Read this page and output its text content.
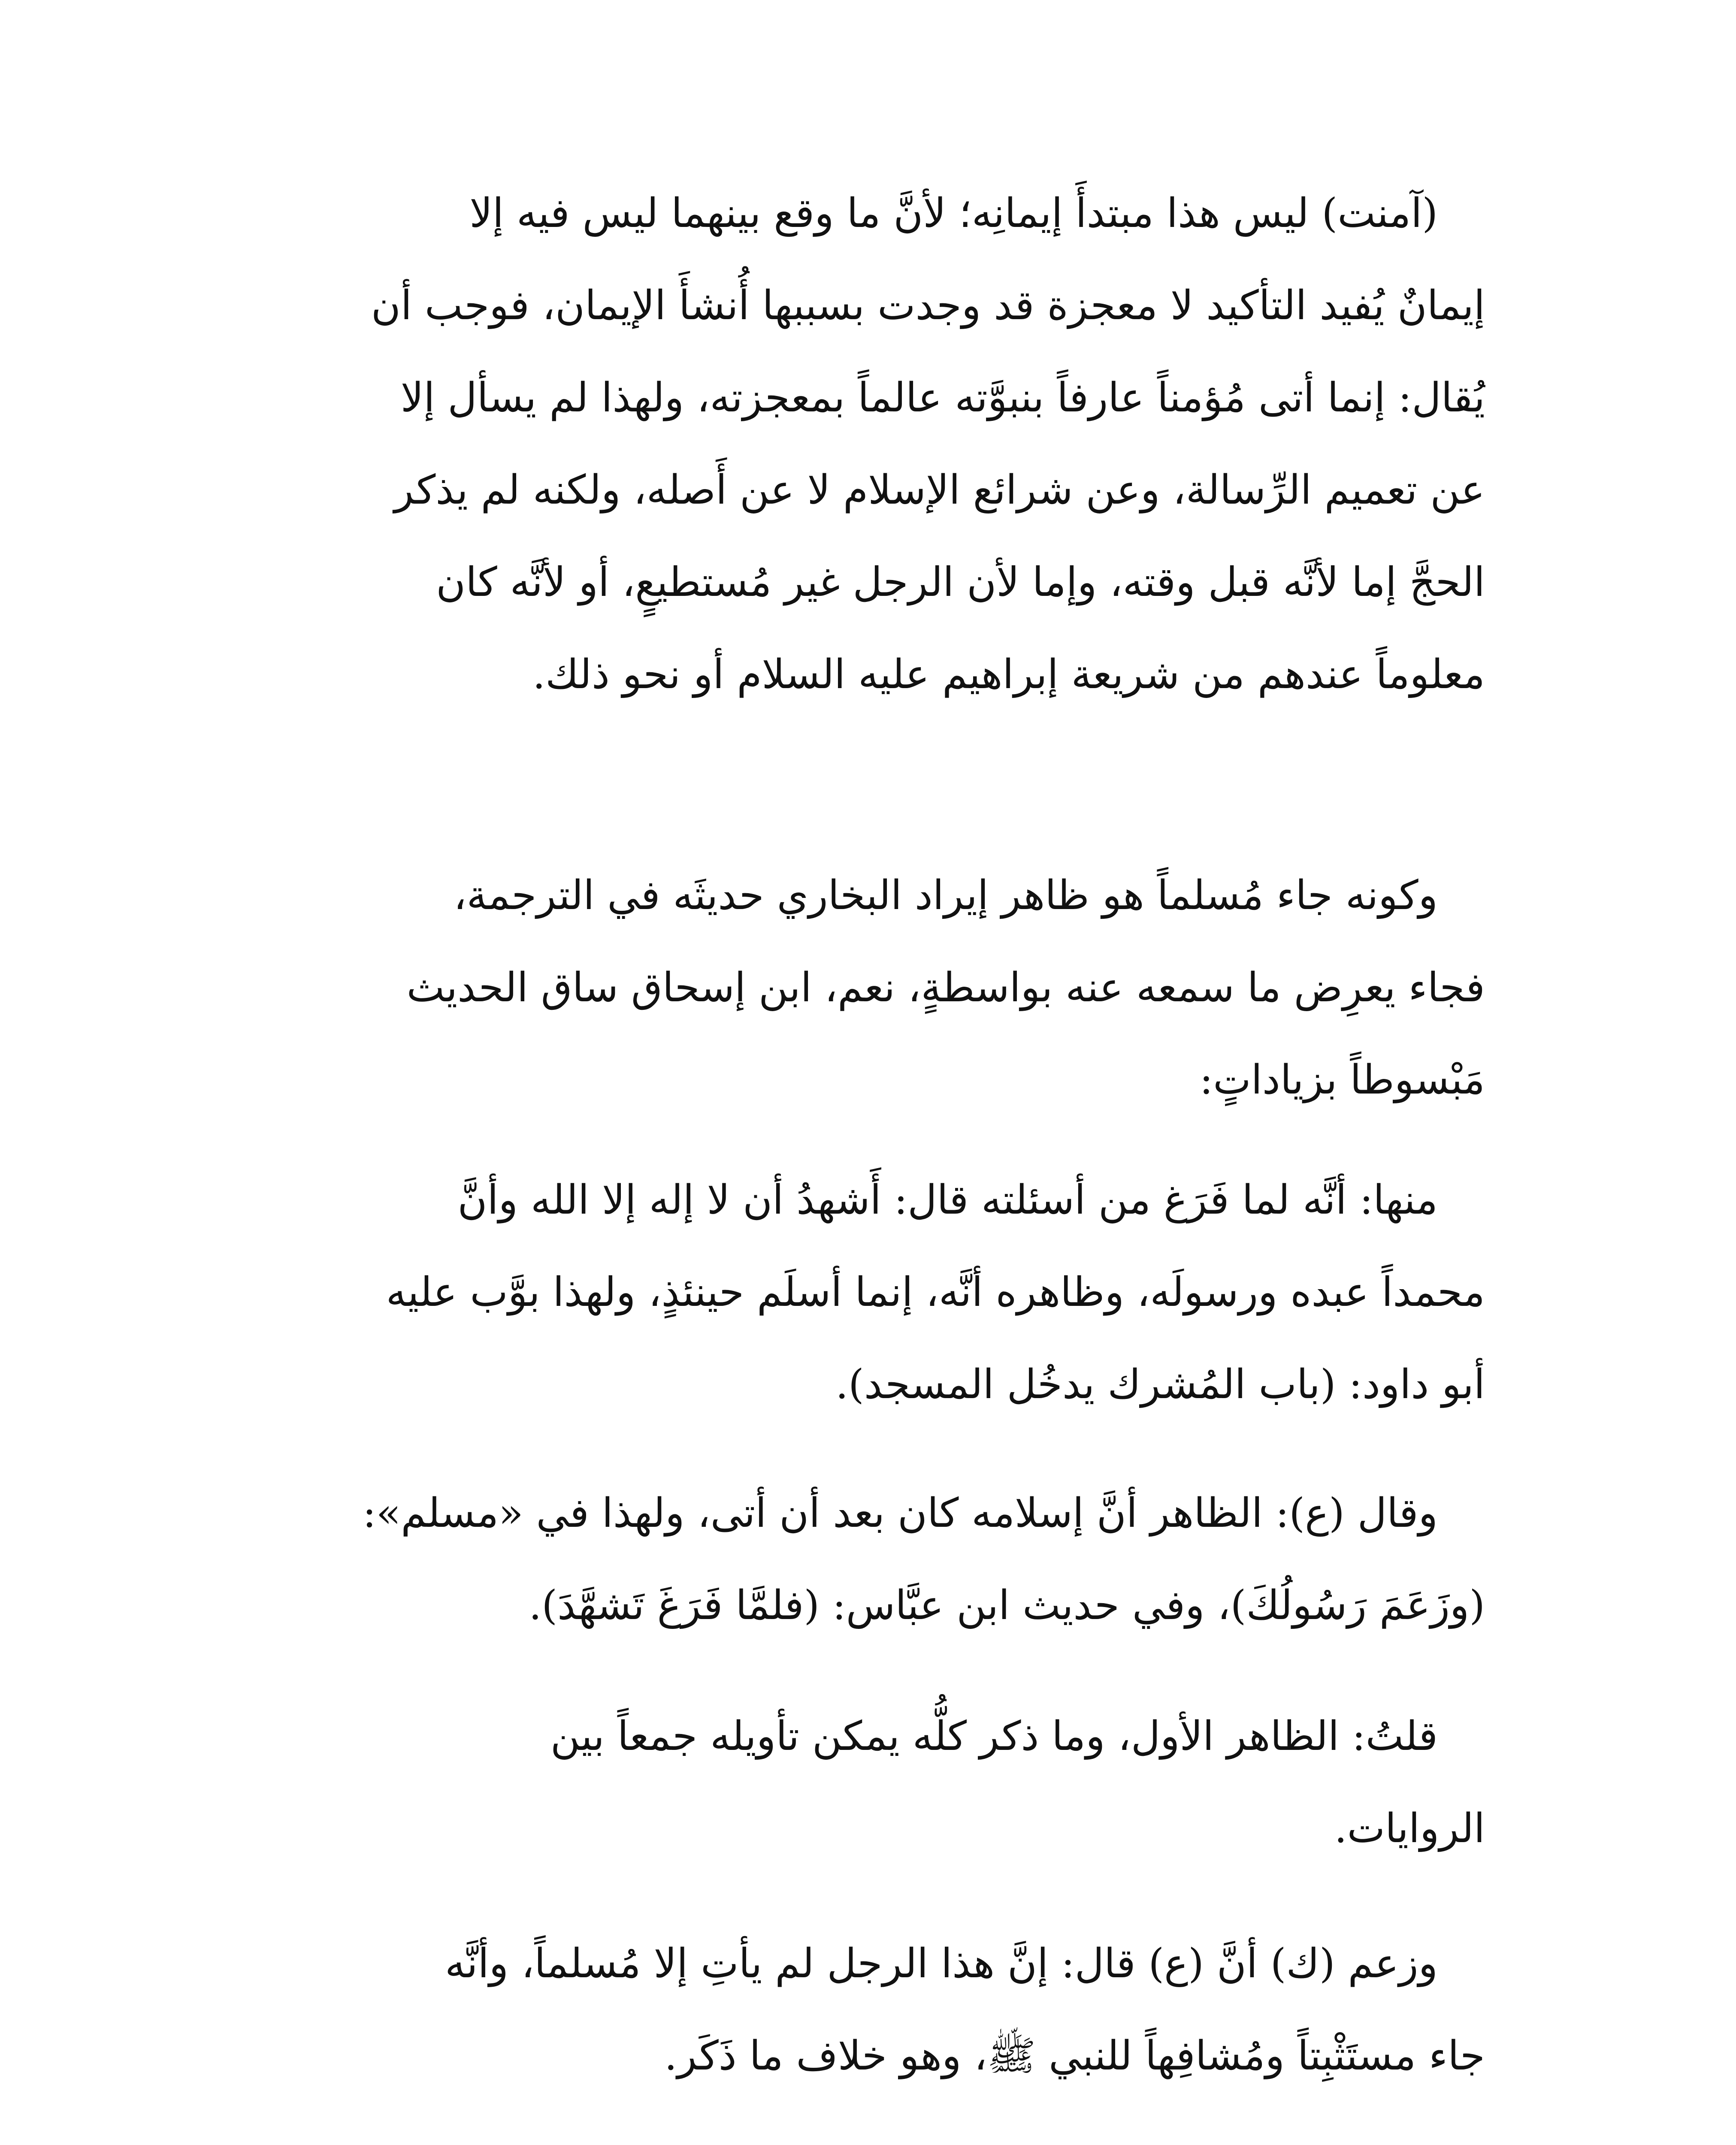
(آمنت) ليس هذا مبتدأَ إيمانِه؛ لأنَّ ما وقع بينهما ليس فيه إلا
إيمانٌ يُفيد التأكيد لا معجزة قد وجدت بسببها أُنشأَ الإيمان، فوجب أن
يُقال: إنما أتى مُؤمناً عارفاً بنبوَّته عالماً بمعجزته، ولهذا لم يسأل إلا
عن تعميم الرِّسالة، وعن شرائع الإسلام لا عن أَصله، ولكنه لم يذكر
الحجَّ إما لأنَّه قبل وقته، وإما لأن الرجل غير مُستطيعٍ، أو لأنَّه كان
معلوماً عندهم من شريعة إبراهيم عليه السلام أو نحو ذلك.
وكونه جاء مُسلماً هو ظاهر إيراد البخاري حديثَه في الترجمة،
فجاء يعرِض ما سمعه عنه بواسطةٍ، نعم، ابن إسحاق ساق الحديث
مَبْسوطاً بزياداتٍ:
منها: أنَّه لما فَرَغ من أسئلته قال: أَشهدُ أن لا إله إلا الله وأنَّ
محمداً عبده ورسولَه، وظاهره أنَّه، إنما أسلَم حينئذٍ، ولهذا بوَّب عليه
أبو داود: (باب المُشرك يدخُل المسجد).
وقال (ع): الظاهر أنَّ إسلامه كان بعد أن أتى، ولهذا في «مسلم»:
(وزَعَمَ رَسُولُكَ)، وفي حديث ابن عبَّاس: (فلمَّا فَرَغَ تَشهَّدَ).
قلتُ: الظاهر الأول، وما ذكر كلُّه يمكن تأويله جمعاً بين
الروايات.
وزعم (ك) أنَّ (ع) قال: إنَّ هذا الرجل لم يأتِ إلا مُسلماً، وأنَّه
جاء مستَثْبِتاً ومُشافِهاً للنبي ﷺ، وهو خلاف ما ذَكَر.
